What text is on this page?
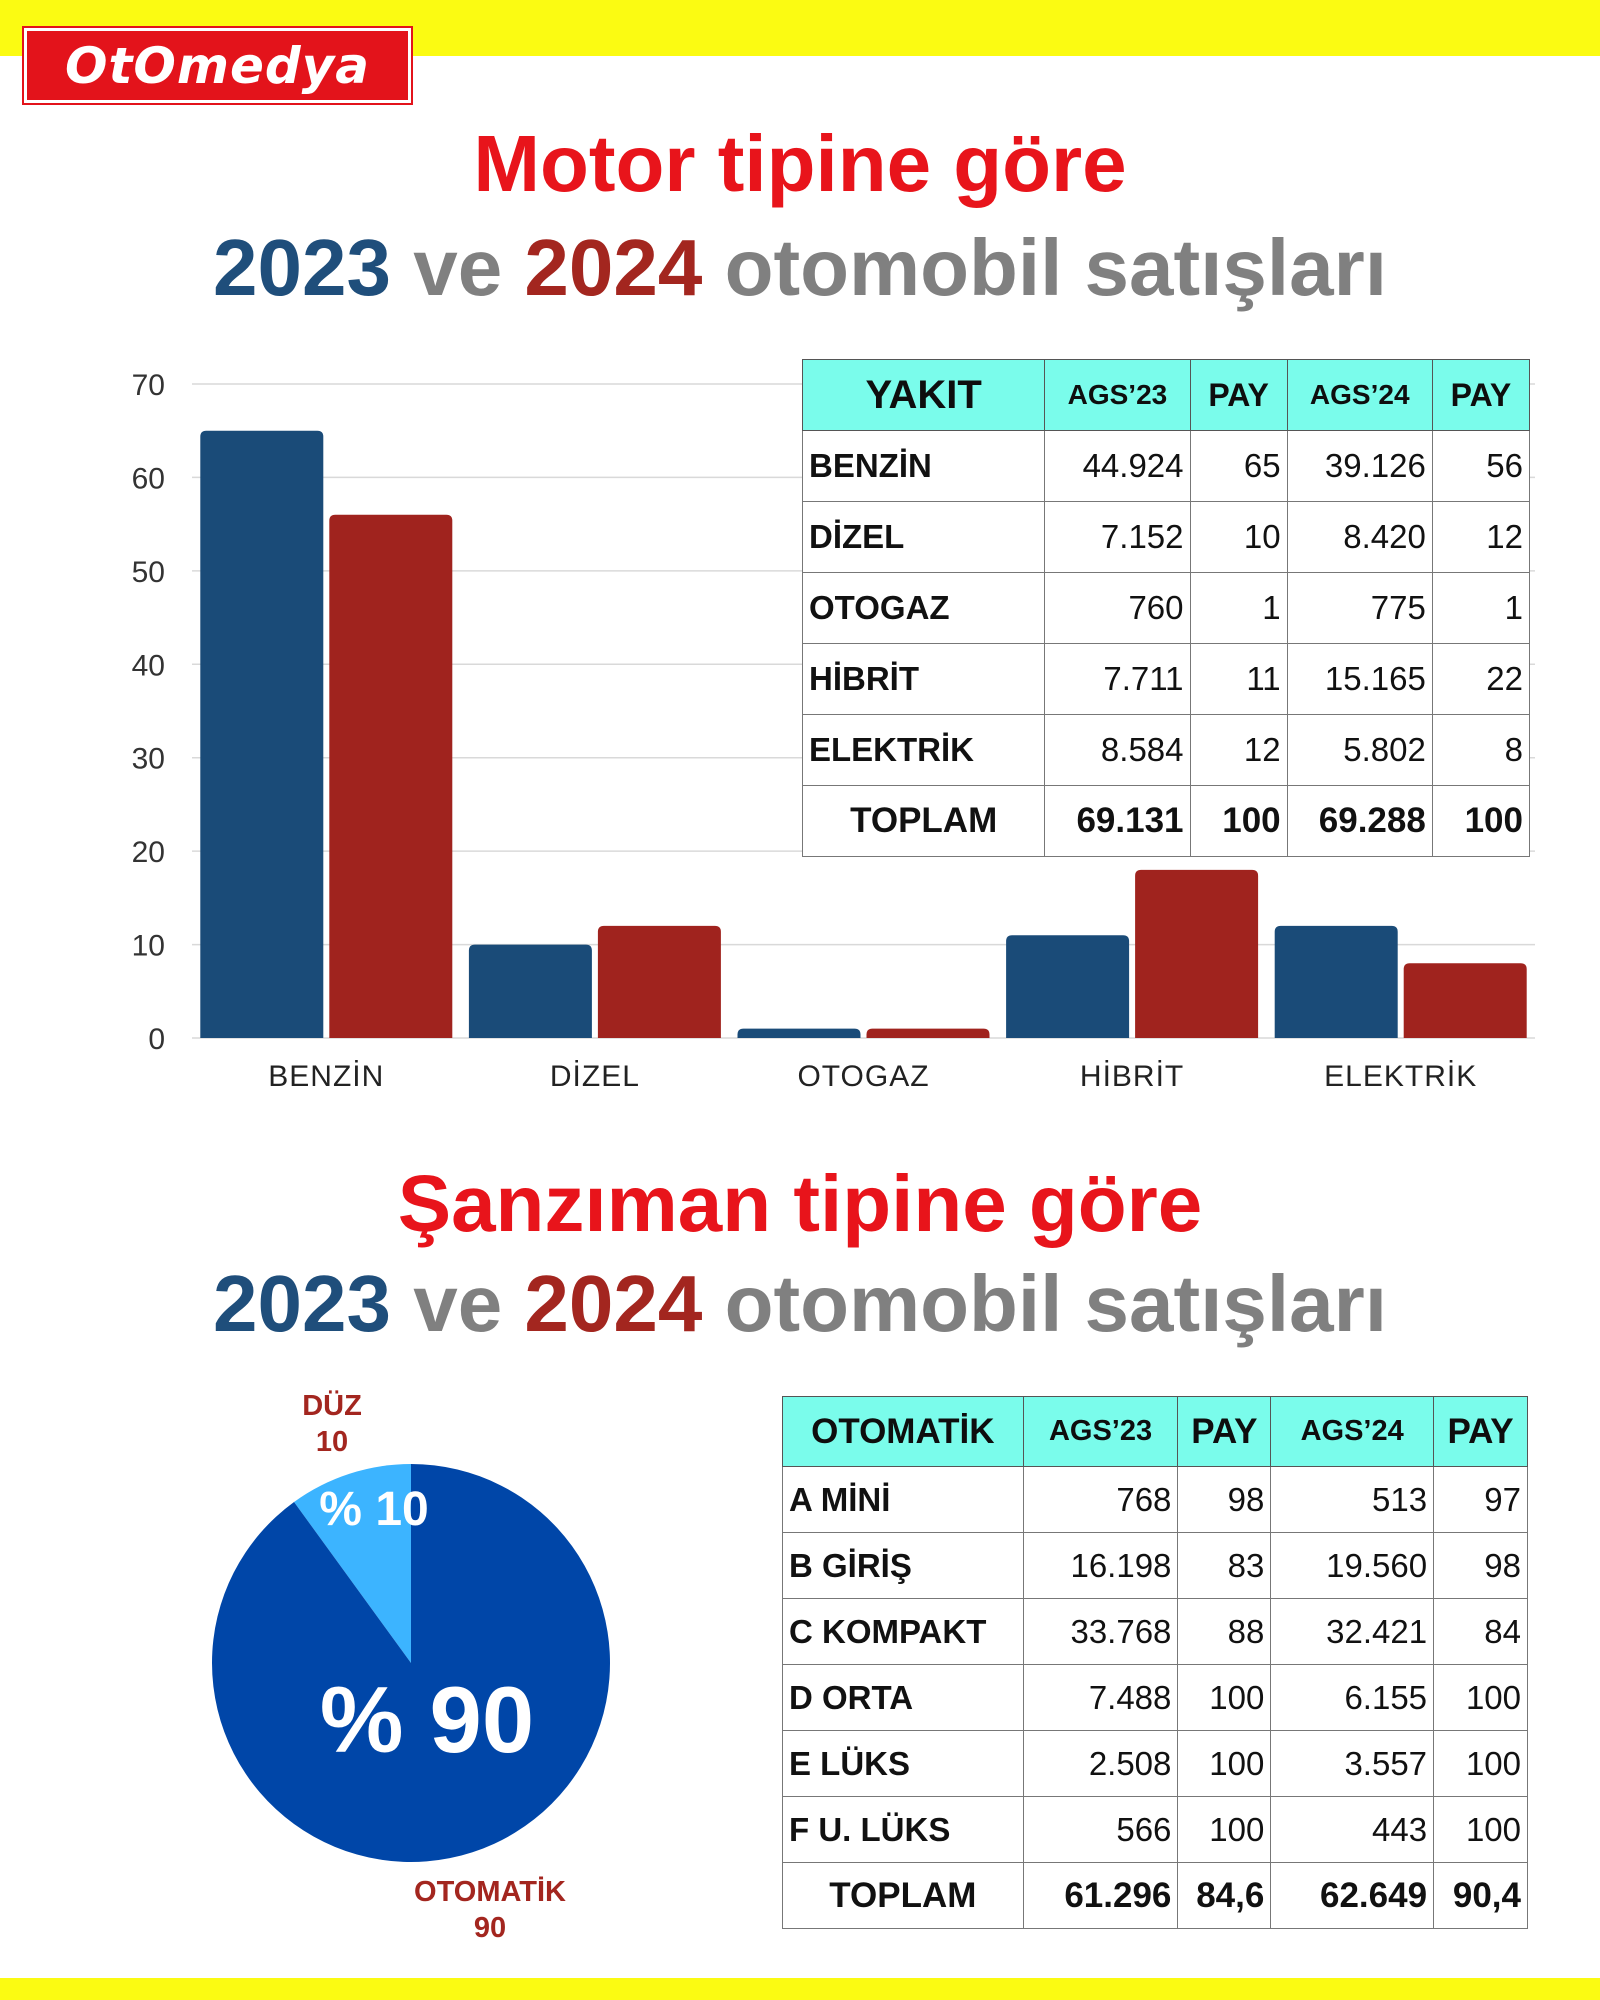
OtOmedya
Motor tipine göre
2023 ve 2024 otomobil satışları
0
10
20
30
40
50
60
70
BENZİN	DİZEL	OTOGAZ	HİBRİT	ELEKTRİK
% 10
% 90
YAKIT	AGS’23	PAY	AGS’24	PAY
BENZİN	44.924	65	39.126	56
DİZEL	7.152	10	8.420	12
OTOGAZ	760	1	775	1
HİBRİT	7.711	11	15.165	22
ELEKTRİK	8.584	12	5.802	8
TOPLAM	69.131	100	69.288	100
Şanzıman tipine göre
2023 ve 2024 otomobil satışları
DÜZ
10
OTOMATİK
90
OTOMATİK	AGS’23	PAY	AGS’24	PAY
A MİNİ	768	98	513	97
B GİRİŞ	16.198	83	19.560	98
C KOMPAKT	33.768	88	32.421	84
D ORTA	7.488	100	6.155	100
E LÜKS	2.508	100	3.557	100
F U. LÜKS	566	100	443	100
TOPLAM	61.296	84,6	62.649	90,4
